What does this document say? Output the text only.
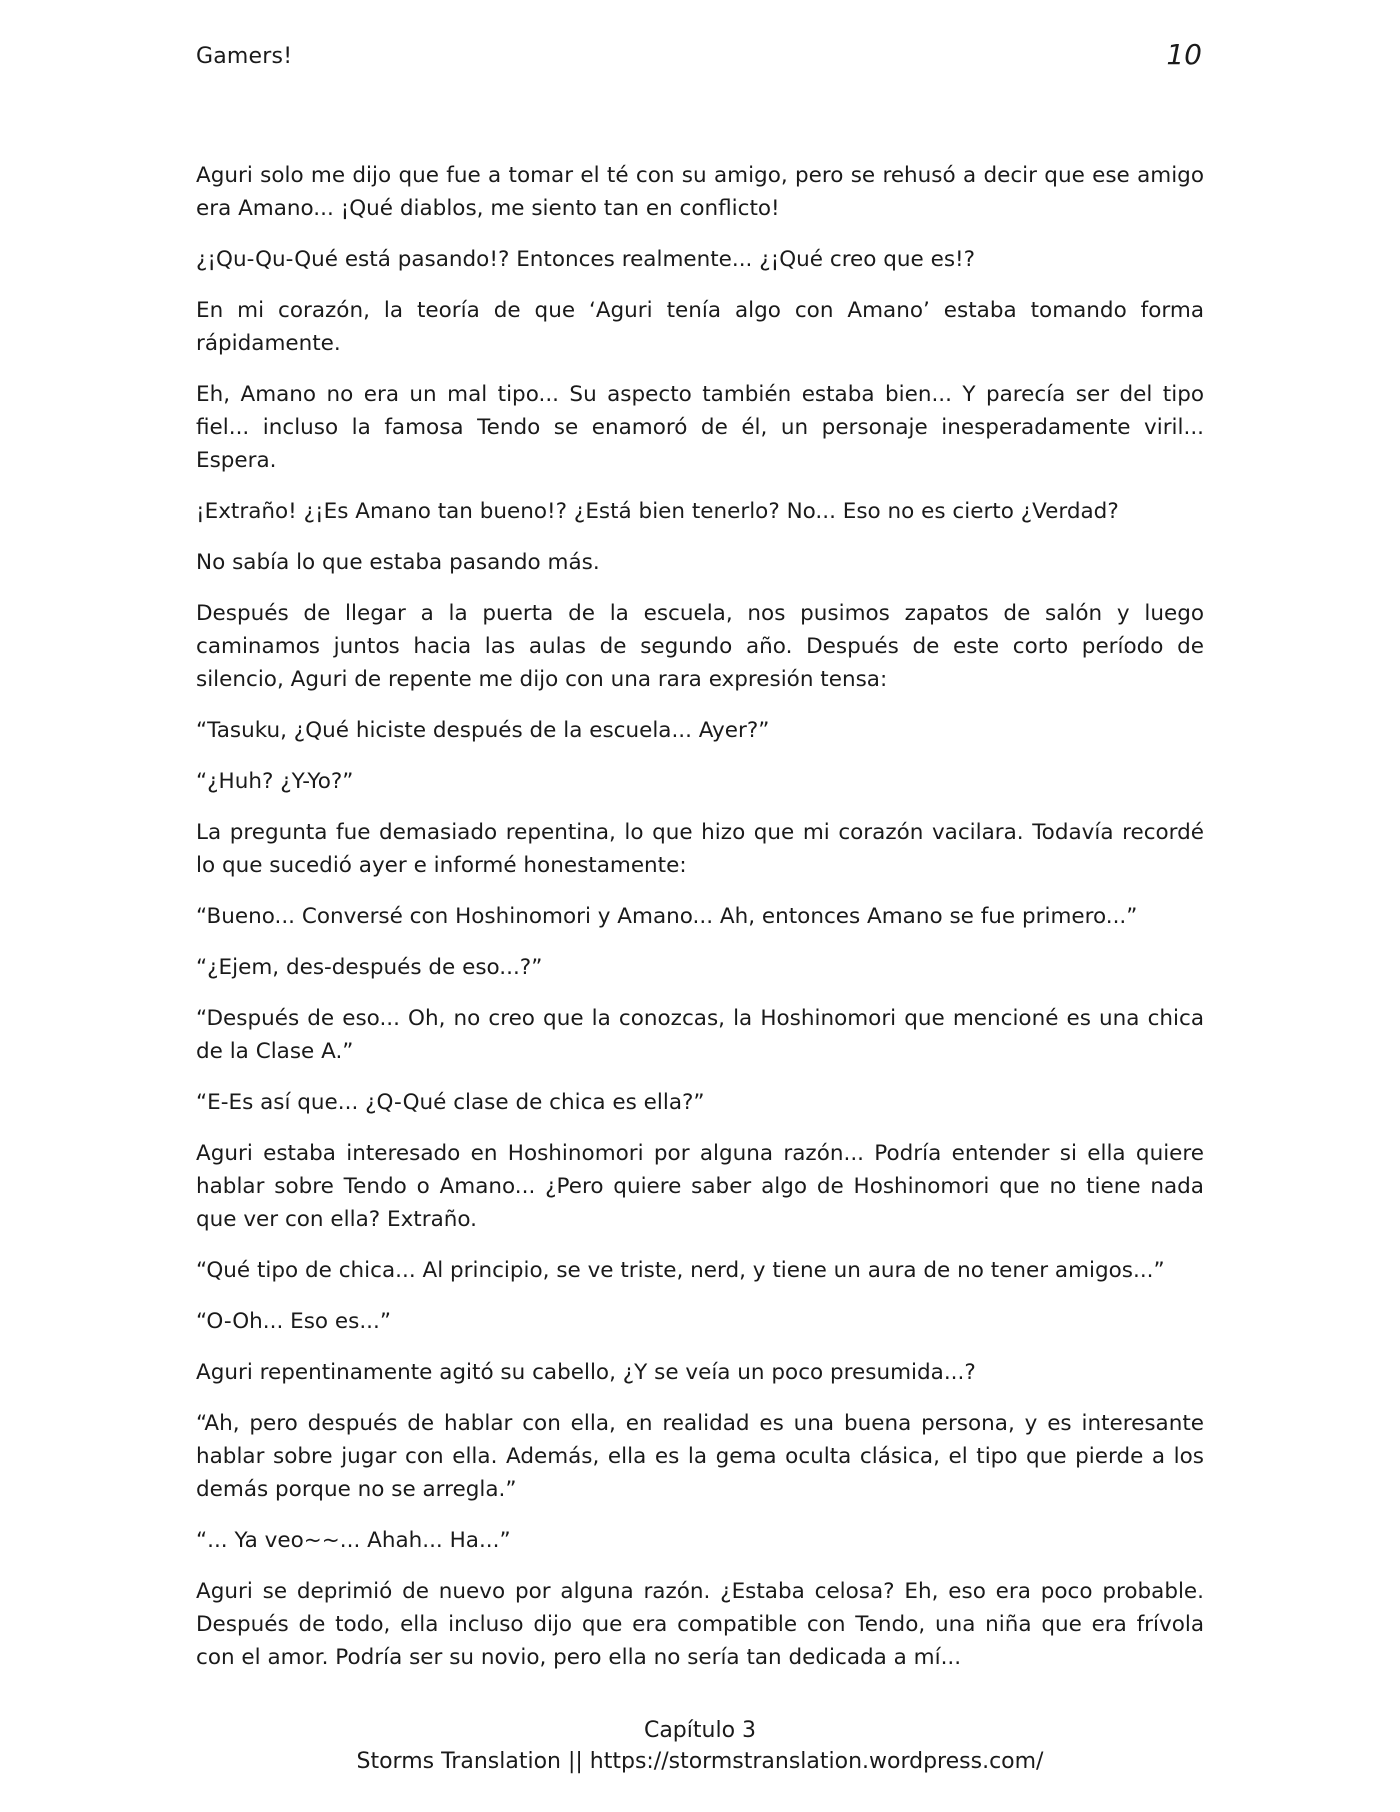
Gamers!	10

Aguri solo me dijo que fue a tomar el té con su amigo, pero se rehusó a decir que ese amigo era Amano... ¡Qué diablos, me siento tan en conflicto!

¿¡Qu-Qu-Qué está pasando!? Entonces realmente... ¿¡Qué creo que es!?

En mi corazón, la teoría de que ‘Aguri tenía algo con Amano’ estaba tomando forma rápidamente.

Eh, Amano no era un mal tipo... Su aspecto también estaba bien... Y parecía ser del tipo fiel... incluso la famosa Tendo se enamoró de él, un personaje inesperadamente viril... Espera.

¡Extraño! ¿¡Es Amano tan bueno!? ¿Está bien tenerlo? No... Eso no es cierto ¿Verdad?

No sabía lo que estaba pasando más.

Después de llegar a la puerta de la escuela, nos pusimos zapatos de salón y luego caminamos juntos hacia las aulas de segundo año. Después de este corto período de silencio, Aguri de repente me dijo con una rara expresión tensa:

“Tasuku, ¿Qué hiciste después de la escuela... Ayer?”

“¿Huh? ¿Y-Yo?”

La pregunta fue demasiado repentina, lo que hizo que mi corazón vacilara. Todavía recordé lo que sucedió ayer e informé honestamente:

“Bueno... Conversé con Hoshinomori y Amano... Ah, entonces Amano se fue primero...”

“¿Ejem, des-después de eso...?”

“Después de eso... Oh, no creo que la conozcas, la Hoshinomori que mencioné es una chica de la Clase A.”

“E-Es así que... ¿Q-Qué clase de chica es ella?”

Aguri estaba interesado en Hoshinomori por alguna razón... Podría entender si ella quiere hablar sobre Tendo o Amano... ¿Pero quiere saber algo de Hoshinomori que no tiene nada que ver con ella? Extraño.

“Qué tipo de chica... Al principio, se ve triste, nerd, y tiene un aura de no tener amigos...”

“O-Oh... Eso es...”

Aguri repentinamente agitó su cabello, ¿Y se veía un poco presumida...?

“Ah, pero después de hablar con ella, en realidad es una buena persona, y es interesante hablar sobre jugar con ella. Además, ella es la gema oculta clásica, el tipo que pierde a los demás porque no se arregla.”

“... Ya veo~~... Ahah... Ha...”

Aguri se deprimió de nuevo por alguna razón. ¿Estaba celosa? Eh, eso era poco probable. Después de todo, ella incluso dijo que era compatible con Tendo, una niña que era frívola con el amor. Podría ser su novio, pero ella no sería tan dedicada a mí...

Capítulo 3
Storms Translation || https://stormstranslation.wordpress.com/
